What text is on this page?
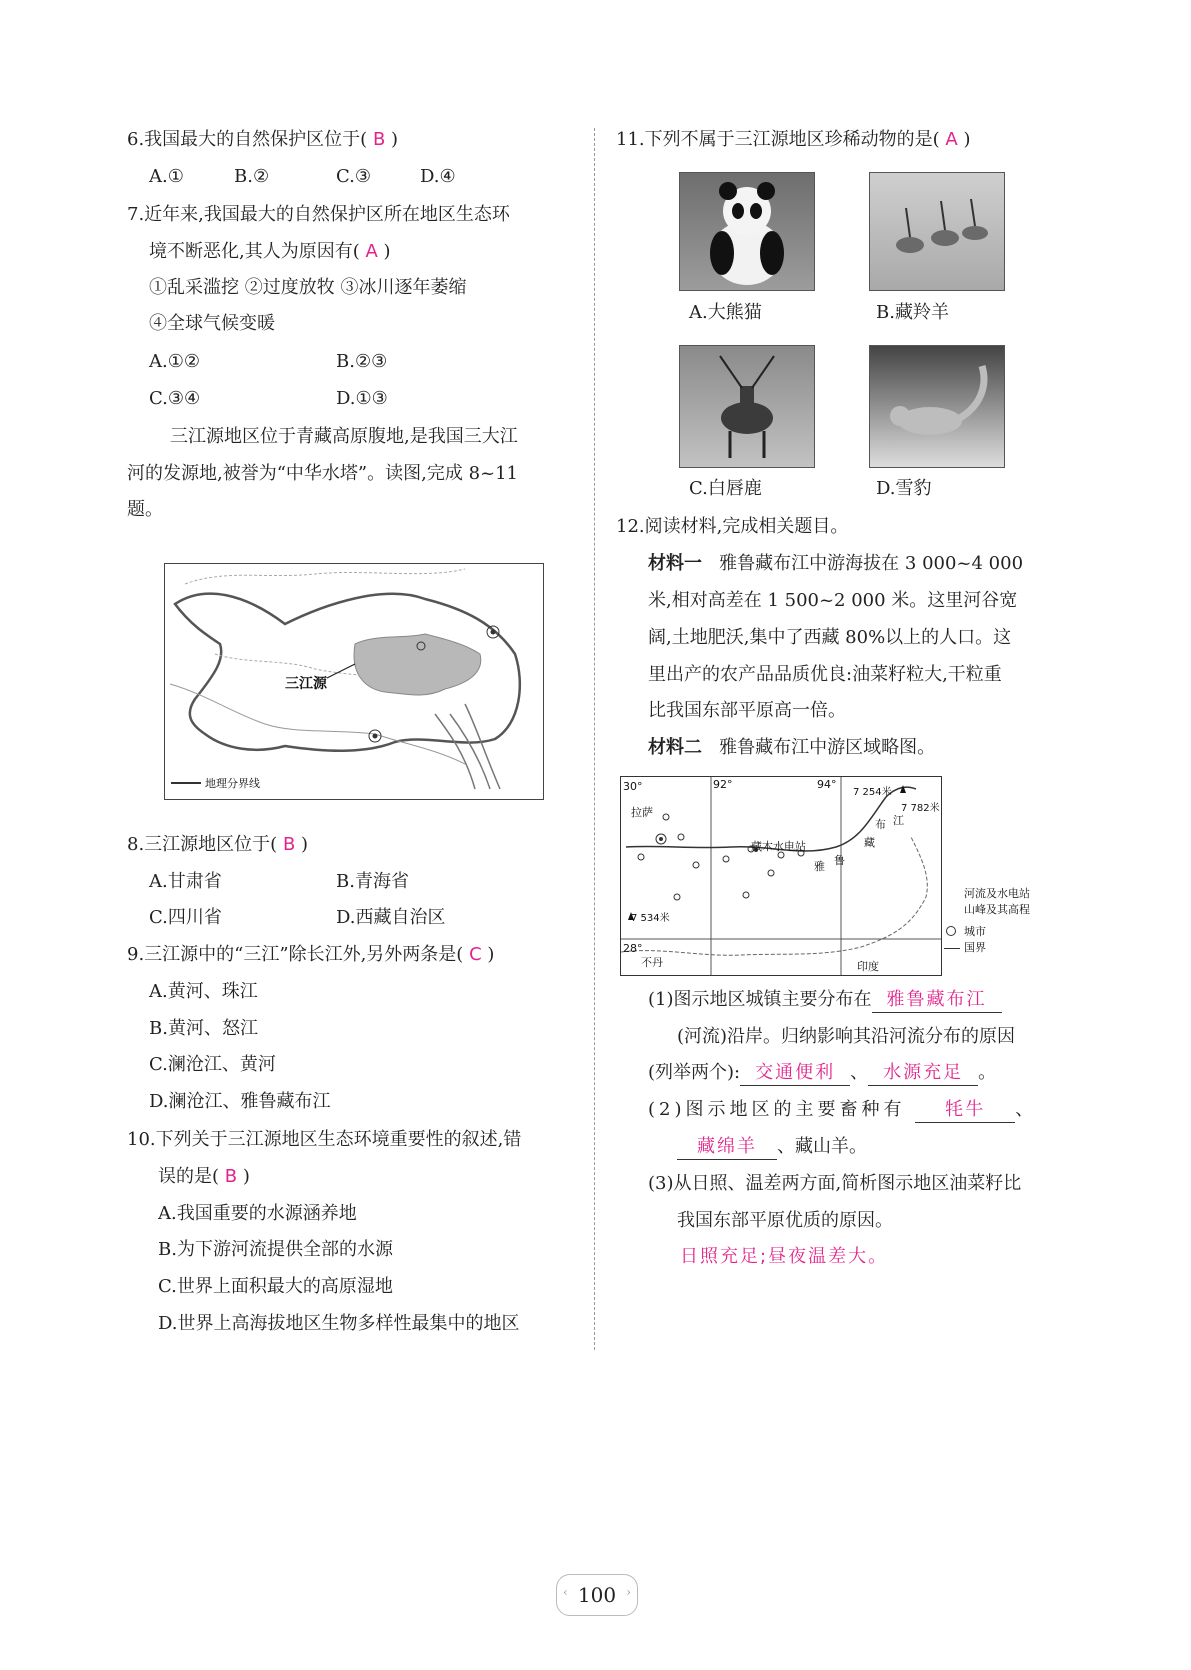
6.我国最大的自然保护区位于( B )
A.①	B.②	C.③	D.④
7.近年来,我国最大的自然保护区所在地区生态环
境不断恶化,其人为原因有( A )
①乱采滥挖 ②过度放牧 ③冰川逐年萎缩
④全球气候变暖
A.①②	B.②③
C.③④	D.①③
三江源地区位于青藏高原腹地,是我国三大江
河的发源地,被誉为“中华水塔”。读图,完成 8~11
题。
三江源
地理分界线
8.三江源地区位于( B )
A.甘肃省	B.青海省
C.四川省	D.西藏自治区
9.三江源中的“三江”除长江外,另外两条是( C )
A.黄河、珠江
B.黄河、怒江
C.澜沧江、黄河
D.澜沧江、雅鲁藏布江
10.下列关于三江源地区生态环境重要性的叙述,错
误的是( B )
A.我国重要的水源涵养地
B.为下游河流提供全部的水源
C.世界上面积最大的高原湿地
D.世界上高海拔地区生物多样性最集中的地区
11.下列不属于三江源地区珍稀动物的是( A )
A.大熊猫	B.藏羚羊
C.白唇鹿	D.雪豹
12.阅读材料,完成相关题目。
材料一 雅鲁藏布江中游海拔在 3 000~4 000
米,相对高差在 1 500~2 000 米。这里河谷宽
阔,土地肥沃,集中了西藏 80%以上的人口。这
里出产的农产品品质优良:油菜籽粒大,干粒重
比我国东部平原高一倍。
材料二 雅鲁藏布江中游区域略图。
30°	92°	94°
7 254米
7 782米
拉萨
藏木水电站
雅 鲁
藏
布 江
7 534米
28°
不丹	印度
河流及水电站
山峰及其高程
城市
国界
(1)图示地区城镇主要分布在 雅鲁藏布江
(河流)沿岸。归纳影响其沿河流分布的原因
(列举两个): 交通便利 、 水源充足 。
(2)图示地区的主要畜种有 牦牛 、
藏绵羊 、藏山羊。
(3)从日照、温差两方面,简析图示地区油菜籽比
我国东部平原优质的原因。
日照充足;昼夜温差大。
‹ 100 ›
